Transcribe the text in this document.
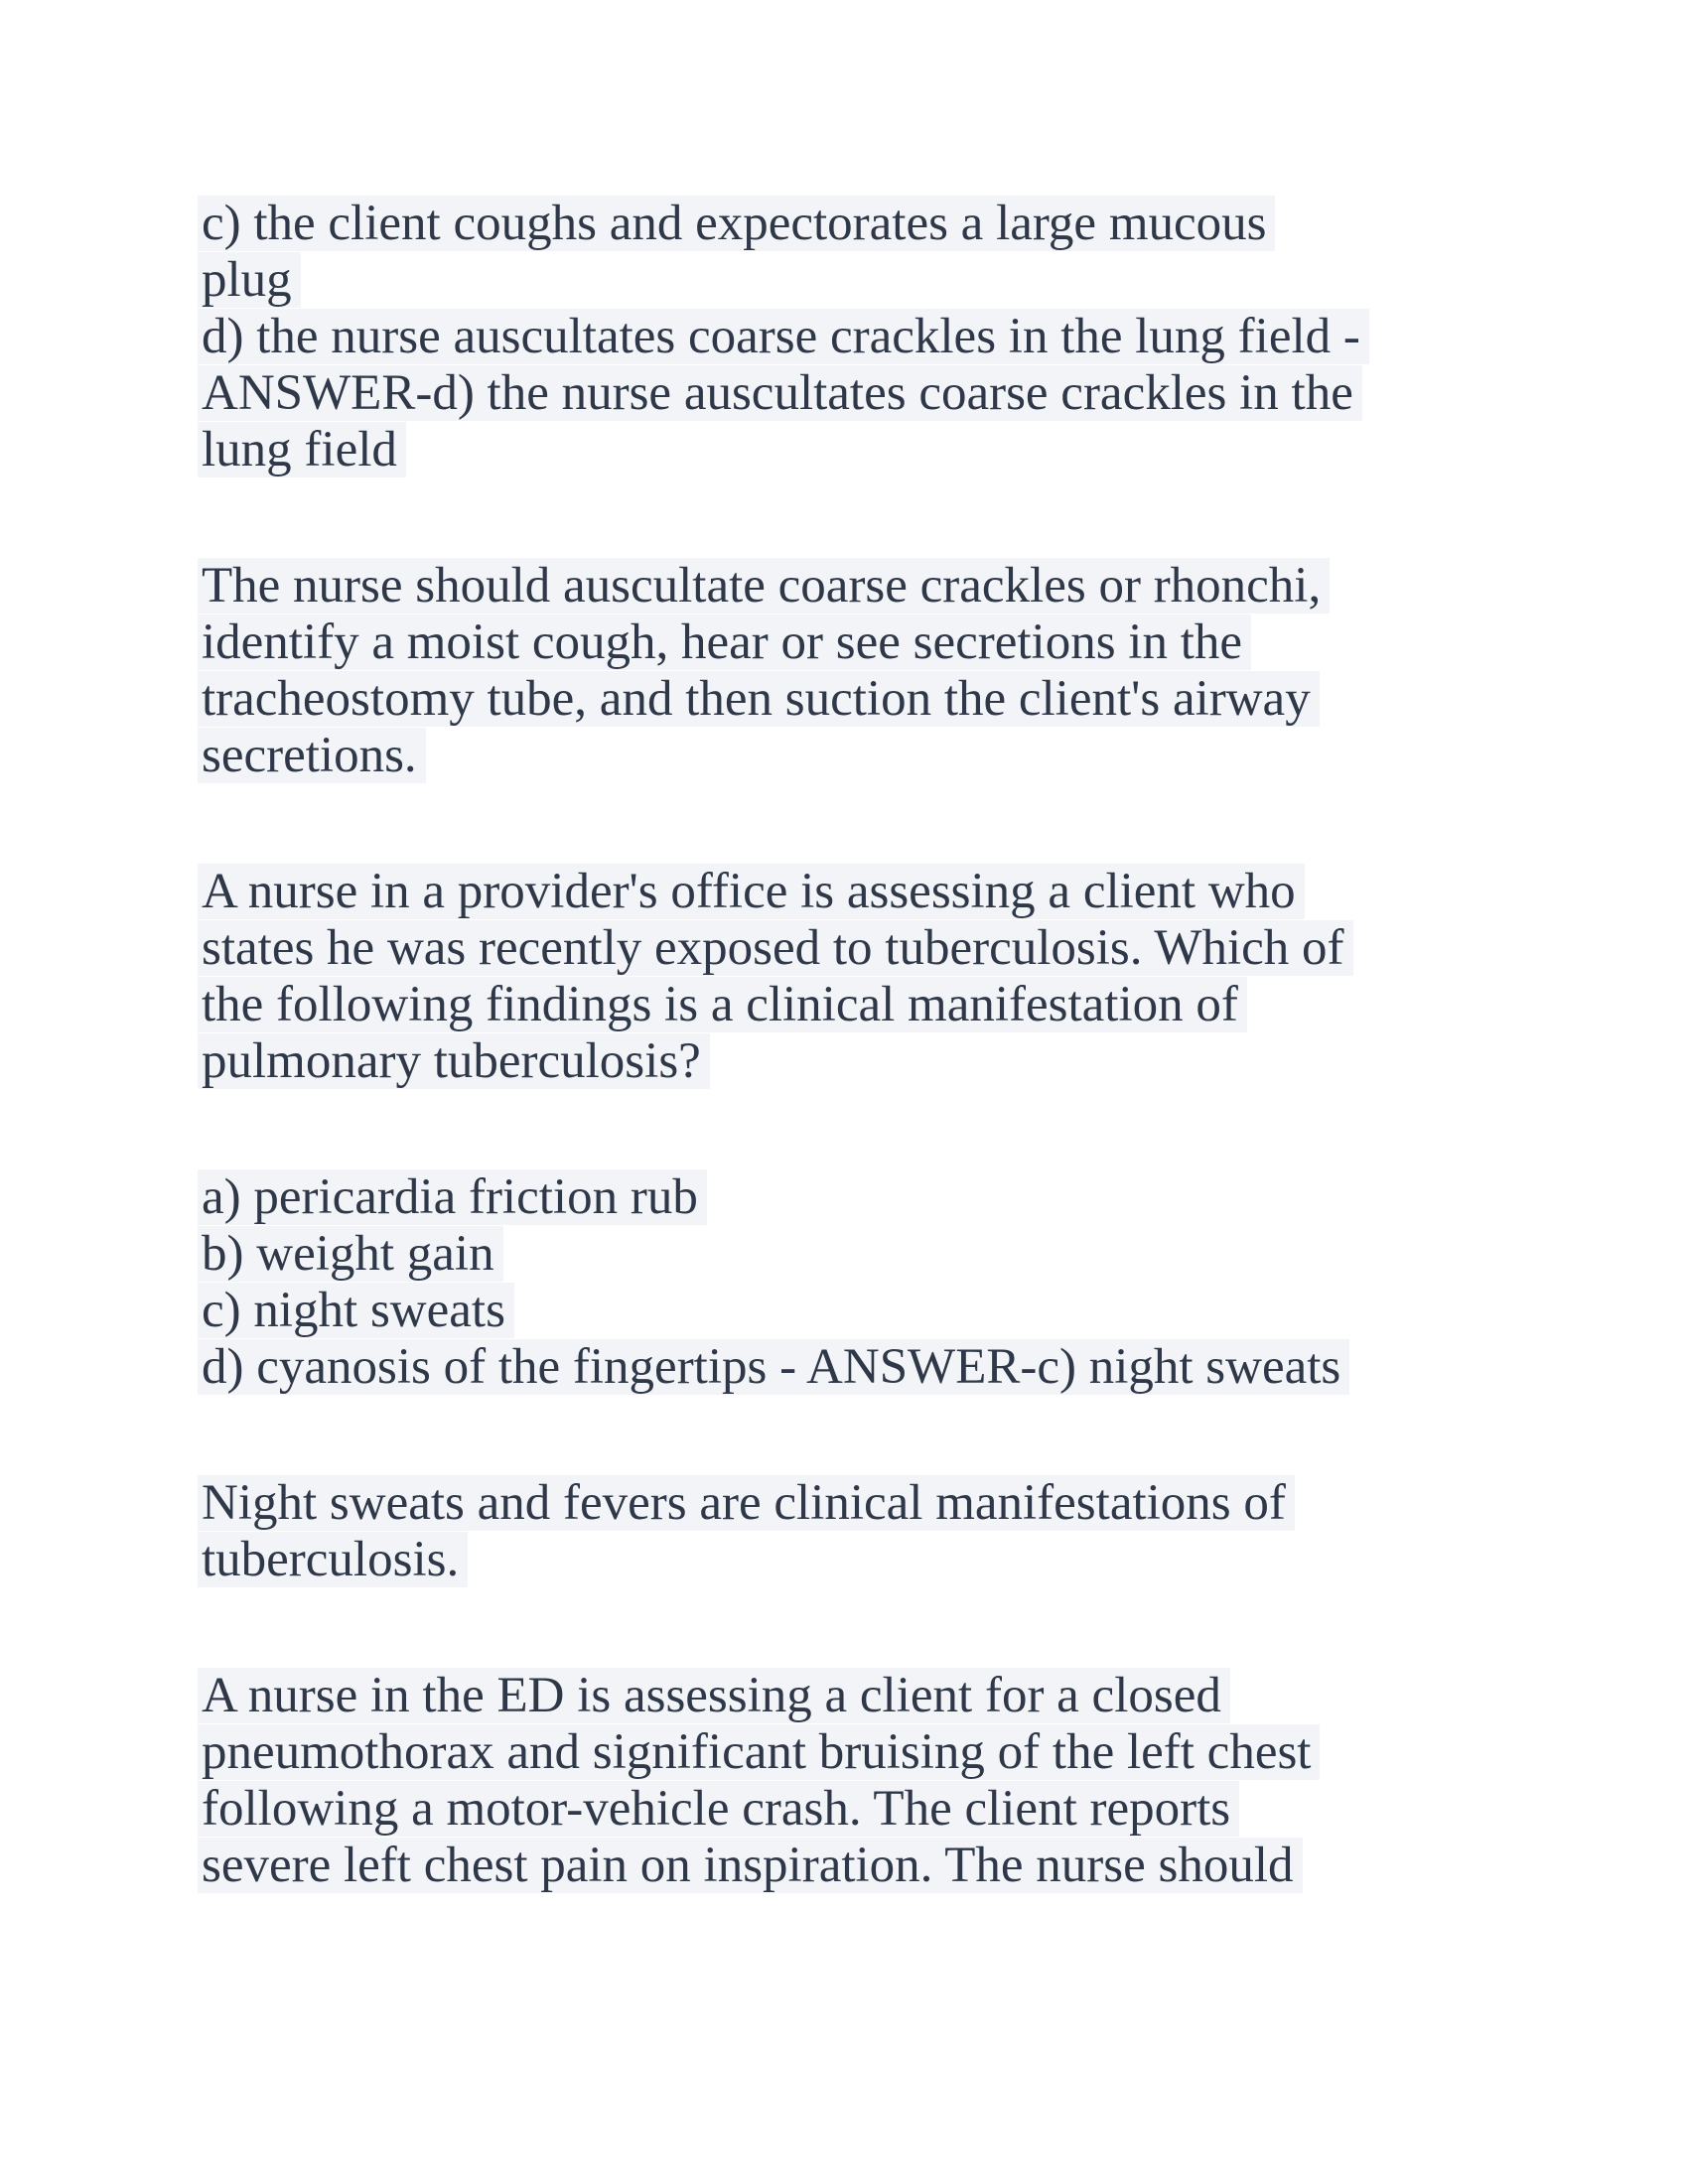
c) the client coughs and expectorates a large mucous
plug
d) the nurse auscultates coarse crackles in the lung field -
ANSWER-d) the nurse auscultates coarse crackles in the
lung field
The nurse should auscultate coarse crackles or rhonchi,
identify a moist cough, hear or see secretions in the
tracheostomy tube, and then suction the client's airway
secretions.
A nurse in a provider's office is assessing a client who
states he was recently exposed to tuberculosis. Which of
the following findings is a clinical manifestation of
pulmonary tuberculosis?
a) pericardia friction rub
b) weight gain
c) night sweats
d) cyanosis of the fingertips - ANSWER-c) night sweats
Night sweats and fevers are clinical manifestations of
tuberculosis.
A nurse in the ED is assessing a client for a closed
pneumothorax and significant bruising of the left chest
following a motor-vehicle crash. The client reports
severe left chest pain on inspiration. The nurse should
